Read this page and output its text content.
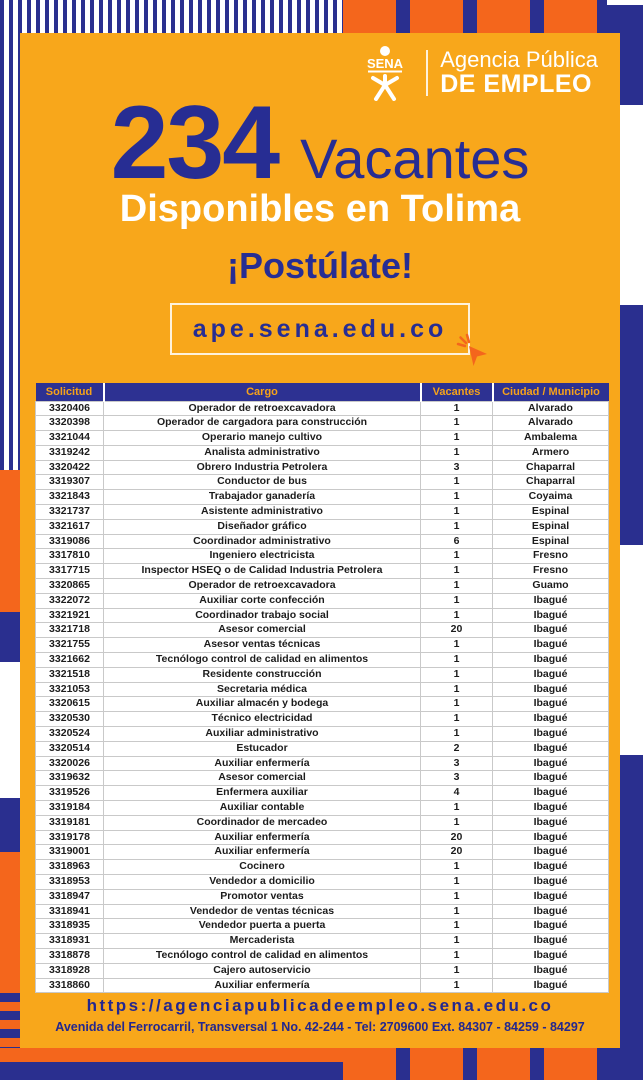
SENA Agencia Pública
DE EMPLEO
234 Vacantes
Disponibles en Tolima
¡Postúlate!
ape.sena.edu.co
Solicitud	Cargo	Vacantes	Ciudad / Municipio
3320406	Operador de retroexcavadora	1	Alvarado
3320398	Operador de cargadora para construcción	1	Alvarado
3321044	Operario manejo cultivo	1	Ambalema
3319242	Analista administrativo	1	Armero
3320422	Obrero Industria Petrolera	3	Chaparral
3319307	Conductor de bus	1	Chaparral
3321843	Trabajador ganadería	1	Coyaima
3321737	Asistente administrativo	1	Espinal
3321617	Diseñador gráfico	1	Espinal
3319086	Coordinador administrativo	6	Espinal
3317810	Ingeniero electricista	1	Fresno
3317715	Inspector HSEQ o de Calidad Industria Petrolera	1	Fresno
3320865	Operador de retroexcavadora	1	Guamo
3322072	Auxiliar corte confección	1	Ibagué
3321921	Coordinador trabajo social	1	Ibagué
3321718	Asesor comercial	20	Ibagué
3321755	Asesor ventas técnicas	1	Ibagué
3321662	Tecnólogo control de calidad en alimentos	1	Ibagué
3321518	Residente construcción	1	Ibagué
3321053	Secretaria médica	1	Ibagué
3320615	Auxiliar almacén y bodega	1	Ibagué
3320530	Técnico electricidad	1	Ibagué
3320524	Auxiliar administrativo	1	Ibagué
3320514	Estucador	2	Ibagué
3320026	Auxiliar enfermería	3	Ibagué
3319632	Asesor comercial	3	Ibagué
3319526	Enfermera auxiliar	4	Ibagué
3319184	Auxiliar contable	1	Ibagué
3319181	Coordinador de mercadeo	1	Ibagué
3319178	Auxiliar enfermería	20	Ibagué
3319001	Auxiliar enfermería	20	Ibagué
3318963	Cocinero	1	Ibagué
3318953	Vendedor a domicilio	1	Ibagué
3318947	Promotor ventas	1	Ibagué
3318941	Vendedor de ventas técnicas	1	Ibagué
3318935	Vendedor puerta a puerta	1	Ibagué
3318931	Mercaderista	1	Ibagué
3318878	Tecnólogo control de calidad en alimentos	1	Ibagué
3318928	Cajero autoservicio	1	Ibagué
3318860	Auxiliar enfermería	1	Ibagué
https://agenciapublicadeempleo.sena.edu.co
Avenida del Ferrocarril, Transversal 1 No. 42-244 - Tel: 2709600 Ext. 84307 - 84259 - 84297
